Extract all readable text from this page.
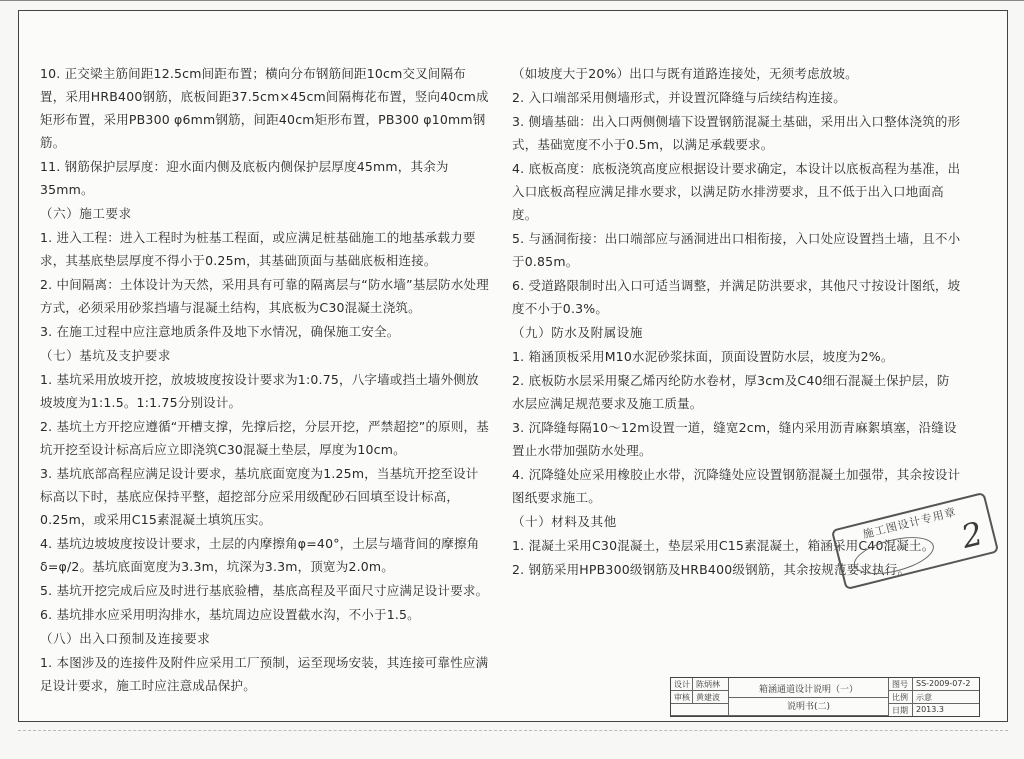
10. 正交梁主筋间距12.5cm间距布置；横向分布钢筋间距10cm交叉间隔布置，采用HRB400钢筋，底板间距37.5cm×45cm间隔梅花布置，竖向40cm成矩形布置，采用PB300 φ6mm钢筋，间距40cm矩形布置，PB300 φ10mm钢筋。

11. 钢筋保护层厚度：迎水面内侧及底板内侧保护层厚度45mm，其余为35mm。

（六）施工要求

1. 进入工程：进入工程时为桩基工程面，或应满足桩基础施工的地基承载力要求，其基底垫层厚度不得小于0.25m，其基础顶面与基础底板相连接。

2. 中间隔离：土体设计为天然，采用具有可靠的隔离层与“防水墙”基层防水处理方式，必须采用砂浆挡墙与混凝土结构，其底板为C30混凝土浇筑。

3. 在施工过程中应注意地质条件及地下水情况，确保施工安全。

（七）基坑及支护要求

1. 基坑采用放坡开挖，放坡坡度按设计要求为1:0.75，八字墙或挡土墙外侧放坡坡度为1:1.5。1:1.75分别设计。

2. 基坑土方开挖应遵循“开槽支撑，先撑后挖，分层开挖，严禁超挖”的原则，基坑开挖至设计标高后应立即浇筑C30混凝土垫层，厚度为10cm。

3. 基坑底部高程应满足设计要求，基坑底面宽度为1.25m，当基坑开挖至设计标高以下时，基底应保持平整，超挖部分应采用级配砂石回填至设计标高，0.25m，或采用C15素混凝土填筑压实。

4. 基坑边坡坡度按设计要求，土层的内摩擦角φ=40°，土层与墙背间的摩擦角δ=φ/2。基坑底面宽度为3.3m，坑深为3.3m，顶宽为2.0m。

5. 基坑开挖完成后应及时进行基底验槽，基底高程及平面尺寸应满足设计要求。

6. 基坑排水应采用明沟排水，基坑周边应设置截水沟，不小于1.5。

（八）出入口预制及连接要求

1. 本图涉及的连接件及附件应采用工厂预制，运至现场安装，其连接可靠性应满足设计要求，施工时应注意成品保护。

（如坡度大于20%）出口与既有道路连接处，无须考虑放坡。

2. 入口端部采用侧墙形式，并设置沉降缝与后续结构连接。

3. 侧墙基础：出入口两侧侧墙下设置钢筋混凝土基础，采用出入口整体浇筑的形式，基础宽度不小于0.5m，以满足承载要求。

4. 底板高度：底板浇筑高度应根据设计要求确定，本设计以底板高程为基准，出入口底板高程应满足排水要求，以满足防水排涝要求，且不低于出入口地面高度。

5. 与涵洞衔接：出口端部应与涵洞进出口相衔接，入口处应设置挡土墙，且不小于0.85m。

6. 受道路限制时出入口可适当调整，并满足防洪要求，其他尺寸按设计图纸，坡度不小于0.3%。

（九）防水及附属设施

1. 箱涵顶板采用M10水泥砂浆抹面，顶面设置防水层，坡度为2%。

2. 底板防水层采用聚乙烯丙纶防水卷材，厚3cm及C40细石混凝土保护层，防水层应满足规范要求及施工质量。

3. 沉降缝每隔10～12m设置一道，缝宽2cm，缝内采用沥青麻絮填塞，沿缝设置止水带加强防水处理。

4. 沉降缝处应采用橡胶止水带，沉降缝处应设置钢筋混凝土加强带，其余按设计图纸要求施工。

（十）材料及其他

1. 混凝土采用C30混凝土，垫层采用C15素混凝土，箱涵采用C40混凝土。

2. 钢筋采用HPB300级钢筋及HRB400级钢筋，其余按规范要求执行。

施工图设计专用章 2
设计 陈炳林
审核 黄建波
箱涵通道设计说明（一）
说明书(二)
图号	SS-2009-07-2
比例	示意
日期	2013.3
